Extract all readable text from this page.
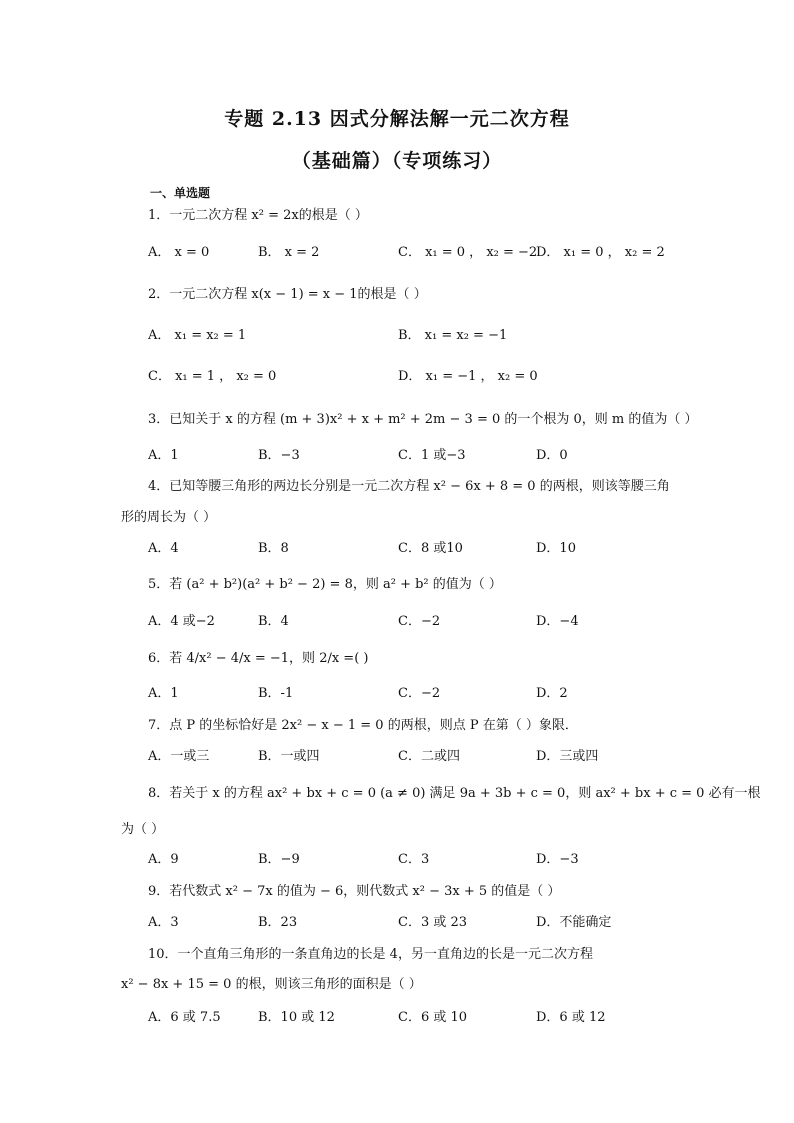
专题 2.13 因式分解法解一元二次方程
（基础篇）（专项练习）
一、单选题
1．一元二次方程 x² = 2x的根是（ ）
A． x = 0	B． x = 2	C． x₁ = 0 ， x₂ = −2
D． x₁ = 0 ， x₂ = 2
2．一元二次方程 x(x − 1) = x − 1的根是（ ）
A． x₁ = x₂ = 1	B． x₁ = x₂ = −1
C． x₁ = 1 ， x₂ = 0	D． x₁ = −1 ， x₂ = 0
3．已知关于 x 的方程 (m + 3)x² + x + m² + 2m − 3 = 0 的一个根为 0，则 m 的值为（ ）
A．1	B．−3	C．1 或−3	D．0
4．已知等腰三角形的两边长分别是一元二次方程 x² − 6x + 8 = 0 的两根，则该等腰三角
形的周长为（ ）
A．4	B．8	C．8 或10	D．10
5．若 (a² + b²)(a² + b² − 2) = 8，则 a² + b² 的值为（ ）
A．4 或−2	B．4	C．−2	D．−4
6．若 4/x² − 4/x = −1，则 2/x =( )
A．1	B．-1	C．−2	D．2
7．点 P 的坐标恰好是 2x² − x − 1 = 0 的两根，则点 P 在第（ ）象限．
A．一或三	B．一或四	C．二或四	D．三或四
8．若关于 x 的方程 ax² + bx + c = 0 (a ≠ 0) 满足 9a + 3b + c = 0，则 ax² + bx + c = 0 必有一根
为（ ）
A．9	B．−9	C．3	D．−3
9．若代数式 x² − 7x 的值为 − 6，则代数式 x² − 3x + 5 的值是（ ）
A．3	B．23	C．3 或 23	D．不能确定
10．一个直角三角形的一条直角边的长是 4，另一直角边的长是一元二次方程
x² − 8x + 15 = 0 的根，则该三角形的面积是（ ）
A．6 或 7.5	B．10 或 12	C．6 或 10	D．6 或 12
